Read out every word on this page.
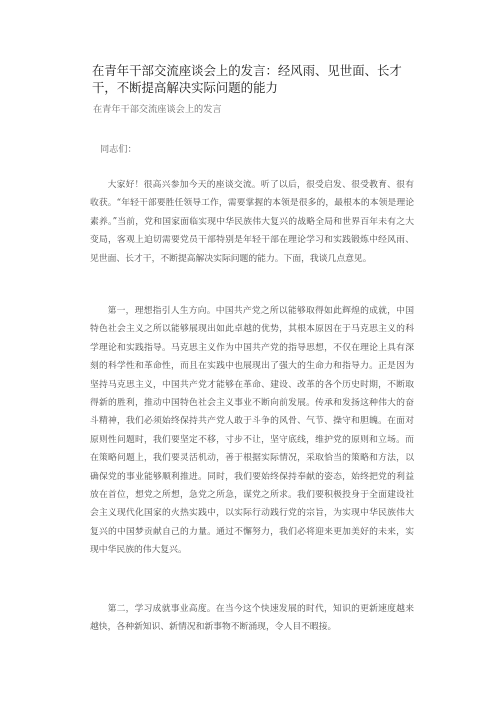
在青年干部交流座谈会上的发言：经风雨、见世面、长才干，不断提高解决实际问题的能力

在青年干部交流座谈会上的发言

同志们：

大家好！很高兴参加今天的座谈交流。听了以后，很受启发、很受教育、很有收获。“年轻干部要胜任领导工作，需要掌握的本领是很多的，最根本的本领是理论素养。”当前，党和国家面临实现中华民族伟大复兴的战略全局和世界百年未有之大变局，客观上迫切需要党员干部特别是年轻干部在理论学习和实践锻炼中经风雨、见世面、长才干，不断提高解决实际问题的能力。下面，我谈几点意见。

第一，理想指引人生方向。中国共产党之所以能够取得如此辉煌的成就，中国特色社会主义之所以能够展现出如此卓越的优势，其根本原因在于马克思主义的科学理论和实践指导。马克思主义作为中国共产党的指导思想，不仅在理论上具有深刻的科学性和革命性，而且在实践中也展现出了强大的生命力和指导力。正是因为坚持马克思主义，中国共产党才能够在革命、建设、改革的各个历史时期，不断取得新的胜利，推动中国特色社会主义事业不断向前发展。传承和发扬这种伟大的奋斗精神，我们必须始终保持共产党人敢于斗争的风骨、气节、操守和胆魄。在面对原则性问题时，我们要坚定不移，寸步不让，坚守底线，维护党的原则和立场。而在策略问题上，我们要灵活机动，善于根据实际情况，采取恰当的策略和方法，以确保党的事业能够顺利推进。同时，我们要始终保持奉献的姿态，始终把党的利益放在首位，想党之所想，急党之所急，谋党之所求。我们要积极投身于全面建设社会主义现代化国家的火热实践中，以实际行动践行党的宗旨，为实现中华民族伟大复兴的中国梦贡献自己的力量。通过不懈努力，我们必将迎来更加美好的未来，实现中华民族的伟大复兴。

第二，学习成就事业高度。在当今这个快速发展的时代，知识的更新速度越来越快，各种新知识、新情况和新事物不断涌现，令人目不暇接。
